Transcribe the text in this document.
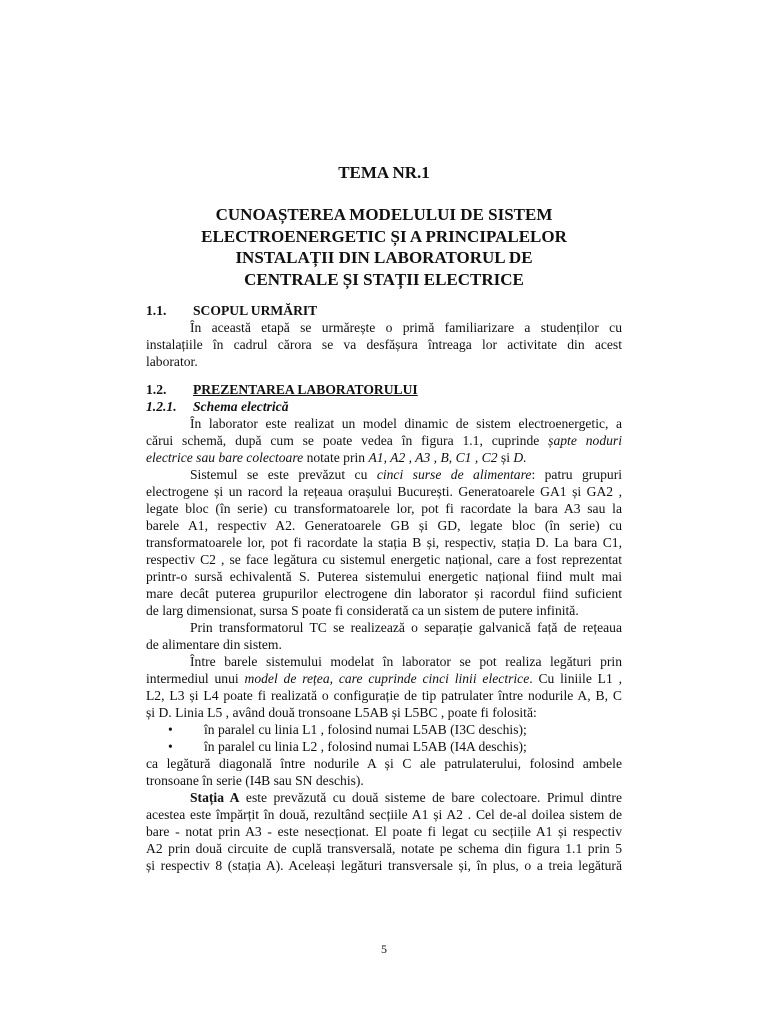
TEMA NR.1
CUNOAȘTEREA MODELULUI DE SISTEM
ELECTROENERGETIC ȘI A PRINCIPALELOR
INSTALAȚII DIN LABORATORUL DE
CENTRALE ȘI STAȚII ELECTRICE
1.1. SCOPUL URMĂRIT
În această etapă se urmărește o primă familiarizare a studenților cu
instalațiile în cadrul cărora se va desfășura întreaga lor activitate din acest
laborator.
1.2. PREZENTAREA LABORATORULUI
1.2.1. Schema electrică
În laborator este realizat un model dinamic de sistem electroenergetic, a
cărui schemă, după cum se poate vedea în figura 1.1, cuprinde șapte noduri
electrice sau bare colectoare notate prin A1, A2 , A3 , B, C1 , C2 și D.
Sistemul se este prevăzut cu cinci surse de alimentare: patru grupuri
electrogene și un racord la rețeaua orașului București. Generatoarele GA1 și GA2 ,
legate bloc (în serie) cu transformatoarele lor, pot fi racordate la bara A3 sau la
barele A1, respectiv A2. Generatoarele GB și GD, legate bloc (în serie) cu
transformatoarele lor, pot fi racordate la stația B și, respectiv, stația D. La bara C1,
respectiv C2 , se face legătura cu sistemul energetic național, care a fost reprezentat
printr-o sursă echivalentă S. Puterea sistemului energetic național fiind mult mai
mare decât puterea grupurilor electrogene din laborator și racordul fiind suficient
de larg dimensionat, sursa S poate fi considerată ca un sistem de putere infinită.
Prin transformatorul TC se realizează o separație galvanică față de rețeaua
de alimentare din sistem.
Între barele sistemului modelat în laborator se pot realiza legături prin
intermediul unui model de rețea, care cuprinde cinci linii electrice. Cu liniile L1 ,
L2, L3 și L4 poate fi realizată o configurație de tip patrulater între nodurile A, B, C
și D. Linia L5 , având două tronsoane L5AB și L5BC , poate fi folosită:
• în paralel cu linia L1 , folosind numai L5AB (I3C deschis);
• în paralel cu linia L2 , folosind numai L5AB (I4A deschis);
ca legătură diagonală între nodurile A și C ale patrulaterului, folosind ambele
tronsoane în serie (I4B sau SN deschis).
Stația A este prevăzută cu două sisteme de bare colectoare. Primul dintre
acestea este împărțit în două, rezultând secțiile A1 și A2 . Cel de-al doilea sistem de
bare - notat prin A3 - este nesecționat. El poate fi legat cu secțiile A1 și respectiv
A2 prin două circuite de cuplă transversală, notate pe schema din figura 1.1 prin 5
și respectiv 8 (stația A). Aceleași legături transversale și, în plus, o a treia legătură
5
